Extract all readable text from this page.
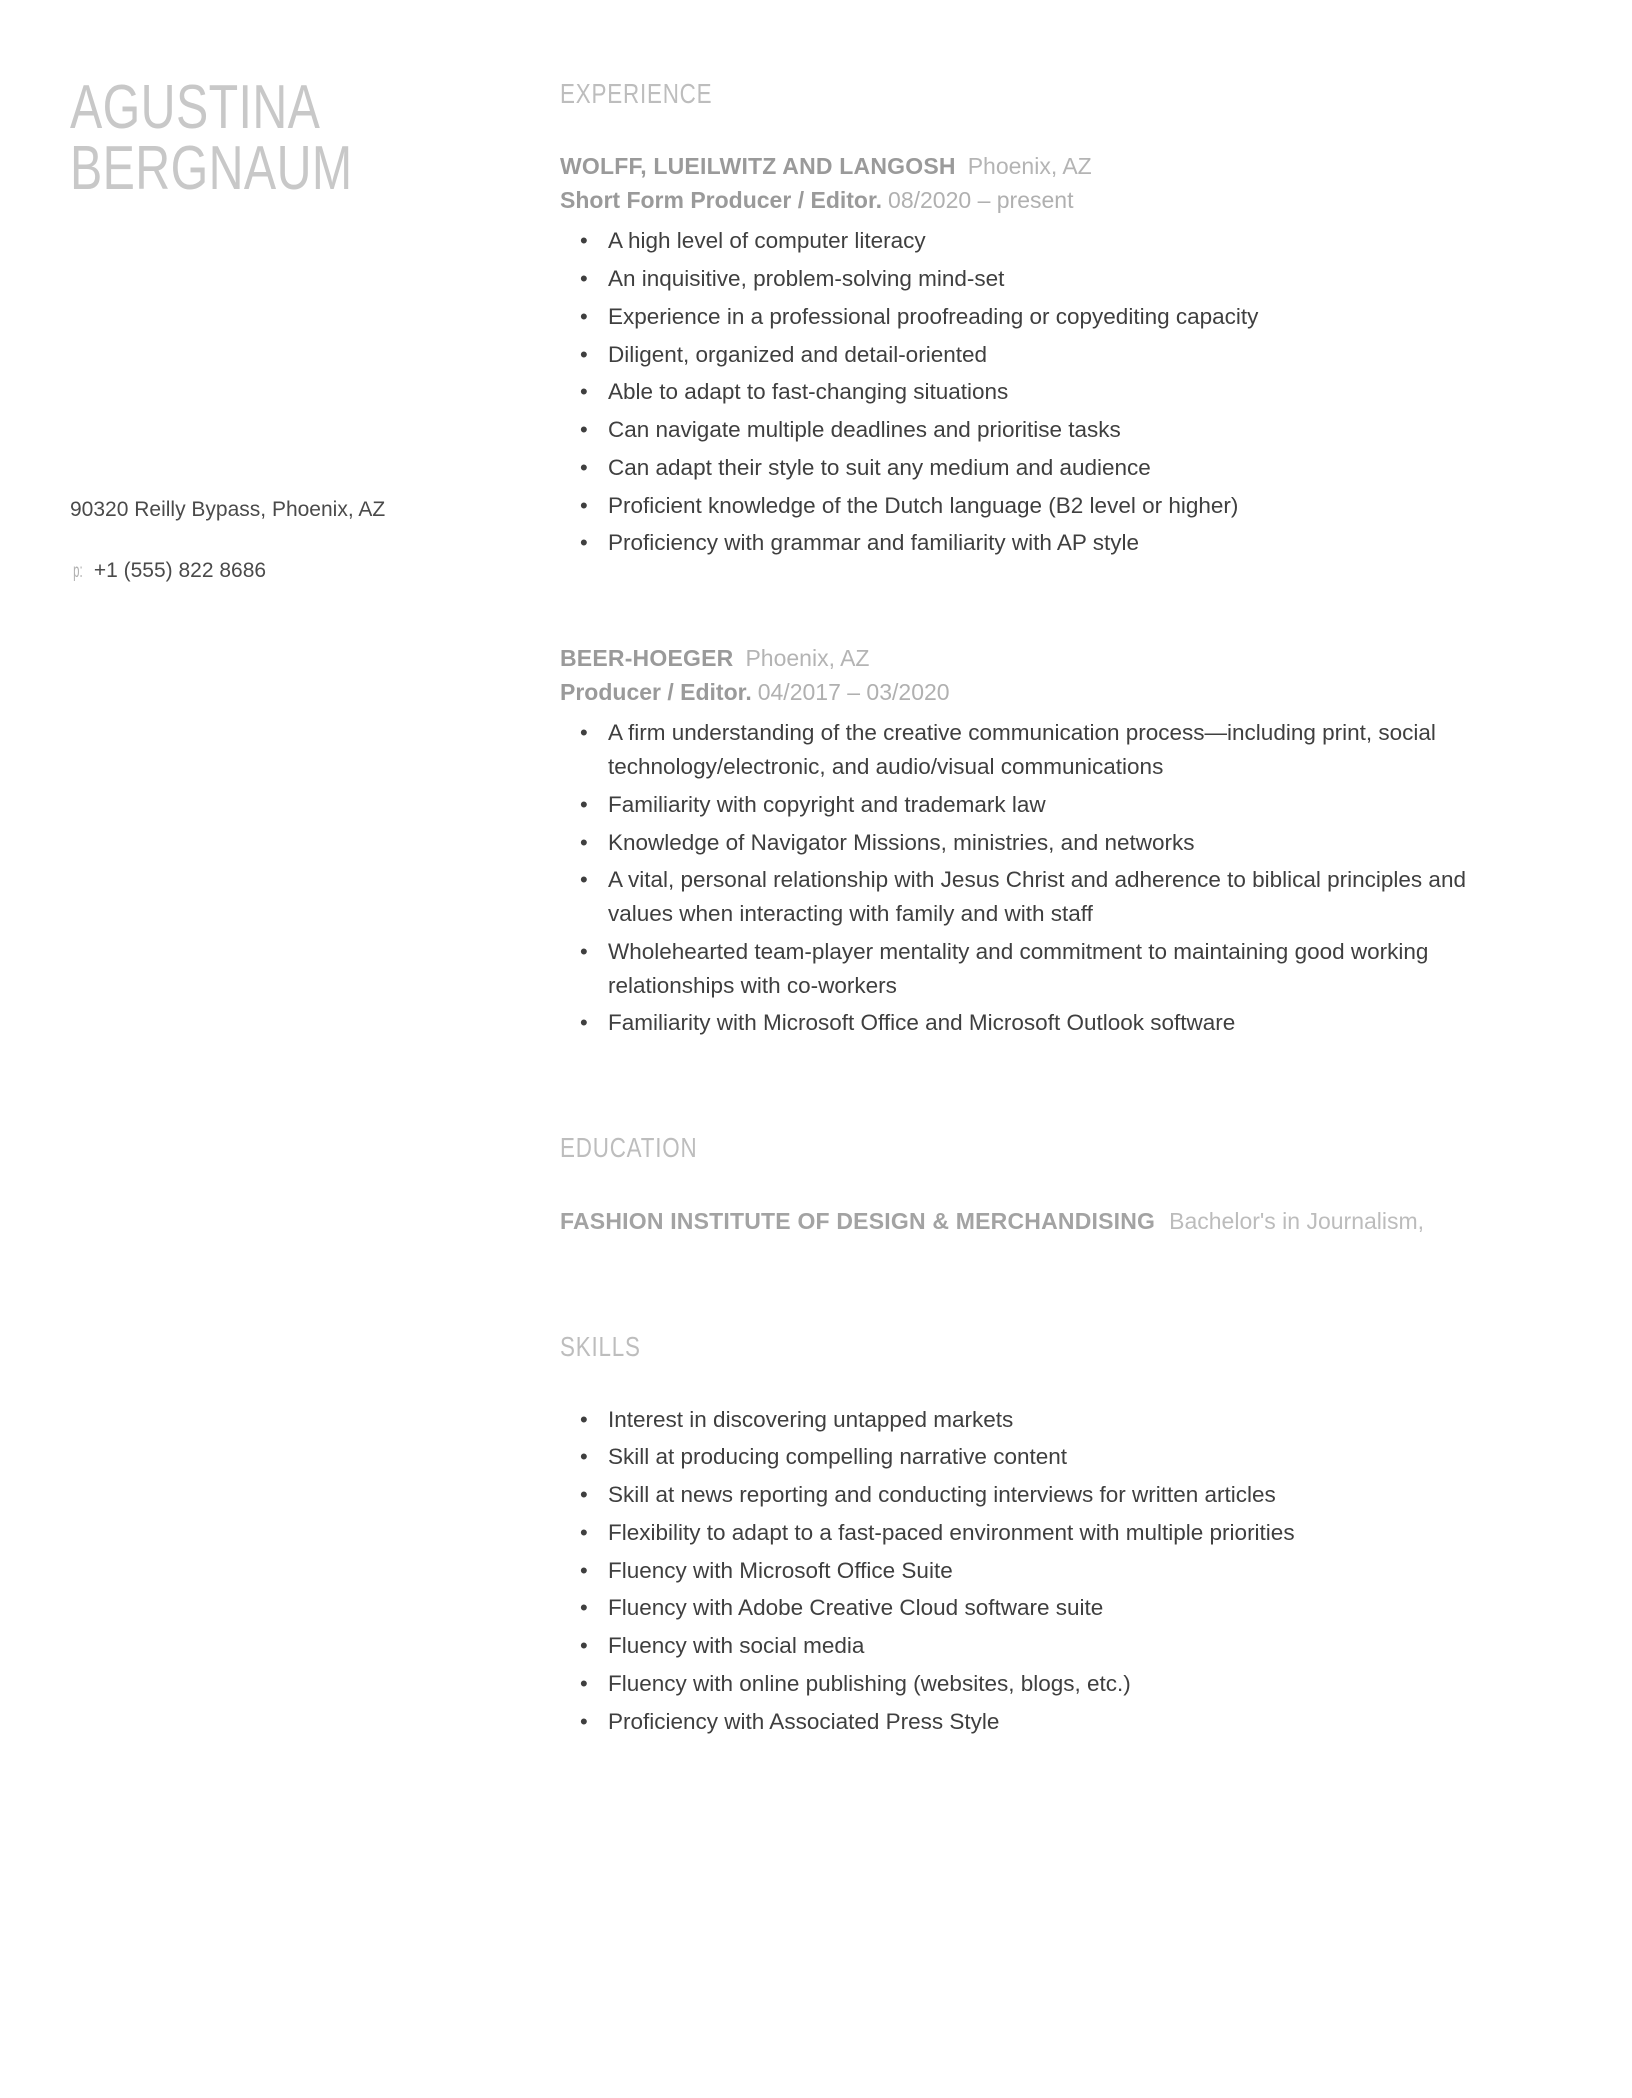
AGUSTINA
BERGNAUM
90320 Reilly Bypass, Phoenix, AZ
p: +1 (555) 822 8686
EXPERIENCE
WOLFF, LUEILWITZ AND LANGOSH Phoenix, AZ
Short Form Producer / Editor. 08/2020 – present
• A high level of computer literacy
• An inquisitive, problem-solving mind-set
• Experience in a professional proofreading or copyediting capacity
• Diligent, organized and detail-oriented
• Able to adapt to fast-changing situations
• Can navigate multiple deadlines and prioritise tasks
• Can adapt their style to suit any medium and audience
• Proficient knowledge of the Dutch language (B2 level or higher)
• Proficiency with grammar and familiarity with AP style
BEER-HOEGER Phoenix, AZ
Producer / Editor. 04/2017 – 03/2020
• A firm understanding of the creative communication process—including print, social technology/electronic, and audio/visual communications
• Familiarity with copyright and trademark law
• Knowledge of Navigator Missions, ministries, and networks
• A vital, personal relationship with Jesus Christ and adherence to biblical principles and values when interacting with family and with staff
• Wholehearted team-player mentality and commitment to maintaining good working relationships with co-workers
• Familiarity with Microsoft Office and Microsoft Outlook software
EDUCATION
FASHION INSTITUTE OF DESIGN & MERCHANDISING Bachelor's in Journalism,
SKILLS
• Interest in discovering untapped markets
• Skill at producing compelling narrative content
• Skill at news reporting and conducting interviews for written articles
• Flexibility to adapt to a fast-paced environment with multiple priorities
• Fluency with Microsoft Office Suite
• Fluency with Adobe Creative Cloud software suite
• Fluency with social media
• Fluency with online publishing (websites, blogs, etc.)
• Proficiency with Associated Press Style
